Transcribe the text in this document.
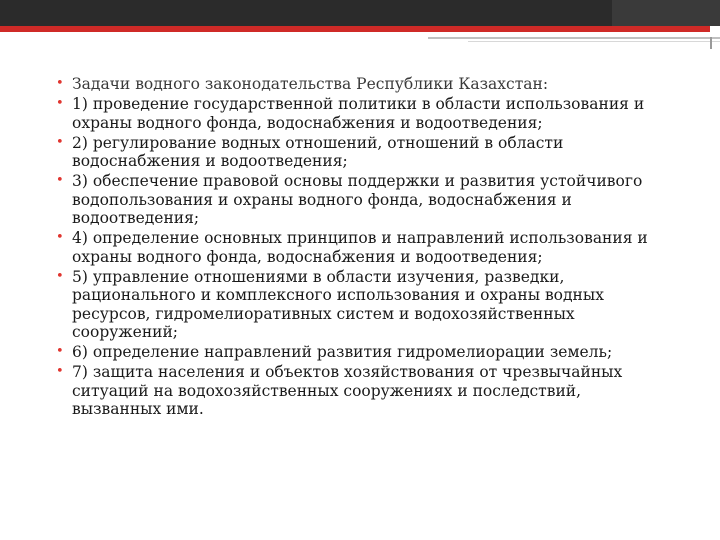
• Задачи водного законодательства Республики Казахстан:
• 1) проведение государственной политики в области использования и охраны водного фонда, водоснабжения и водоотведения;
• 2) регулирование водных отношений, отношений в области водоснабжения и водоотведения;
• 3) обеспечение правовой основы поддержки и развития устойчивого водопользования и охраны водного фонда, водоснабжения и водоотведения;
• 4) определение основных принципов и направлений использования и охраны водного фонда, водоснабжения и водоотведения;
• 5) управление отношениями в области изучения, разведки, рационального и комплексного использования и охраны водных ресурсов, гидромелиоративных систем и водохозяйственных сооружений;
• 6) определение направлений развития гидромелиорации земель;
• 7) защита населения и объектов хозяйствования от чрезвычайных ситуаций на водохозяйственных сооружениях и последствий, вызванных ими.
